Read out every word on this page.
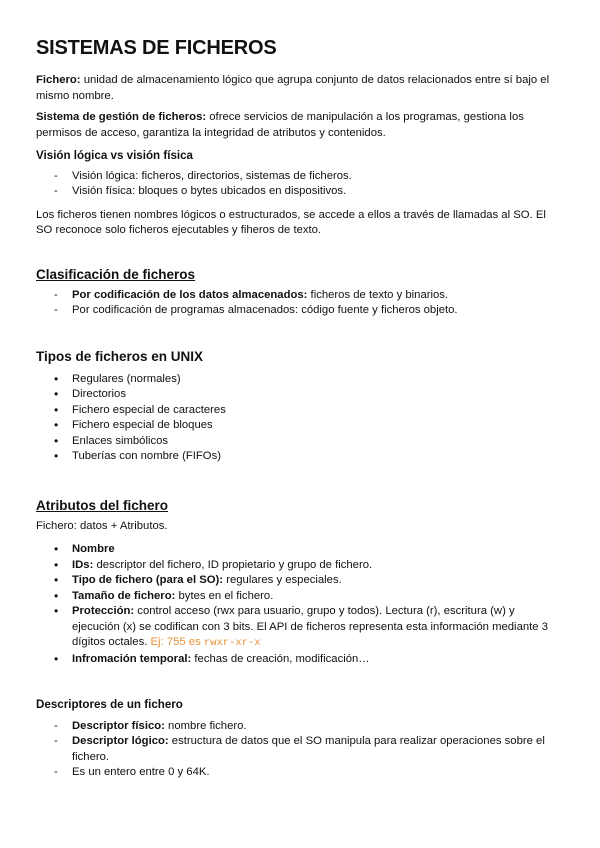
SISTEMAS DE FICHEROS

Fichero: unidad de almacenamiento lógico que agrupa conjunto de datos relacionados entre sí bajo el mismo nombre.

Sistema de gestión de ficheros: ofrece servicios de manipulación a los programas, gestiona los permisos de acceso, garantiza la integridad de atributos y contenidos.

Visión lógica vs visión física
- Visión lógica: ficheros, directorios, sistemas de ficheros.
- Visión física: bloques o bytes ubicados en dispositivos.

Los ficheros tienen nombres lógicos o estructurados, se accede a ellos a través de llamadas al SO. El SO reconoce solo ficheros ejecutables y fiheros de texto.

Clasificación de ficheros
- Por codificación de los datos almacenados: ficheros de texto y binarios.
- Por codificación de programas almacenados: código fuente y ficheros objeto.
Tipos de ficheros en UNIX
• Regulares (normales)
• Directorios
• Fichero especial de caracteres
• Fichero especial de bloques
• Enlaces simbólicos
• Tuberías con nombre (FIFOs)
Atributos del fichero

Fichero: datos + Atributos.

• Nombre
• IDs: descriptor del fichero, ID propietario y grupo de fichero.
• Tipo de fichero (para el SO): regulares y especiales.
• Tamaño de fichero: bytes en el fichero.
• Protección: control acceso (rwx para usuario, grupo y todos). Lectura (r), escritura (w) y ejecución (x) se codifican con 3 bits. El API de ficheros representa esta información mediante 3 dígitos octales. Ej: 755 es rwxr-xr-x
• Infromación temporal: fechas de creación, modificación…
Descriptores de un fichero
- Descriptor físico: nombre fichero.
- Descriptor lógico: estructura de datos que el SO manipula para realizar operaciones sobre el fichero.
- Es un entero entre 0 y 64K.
